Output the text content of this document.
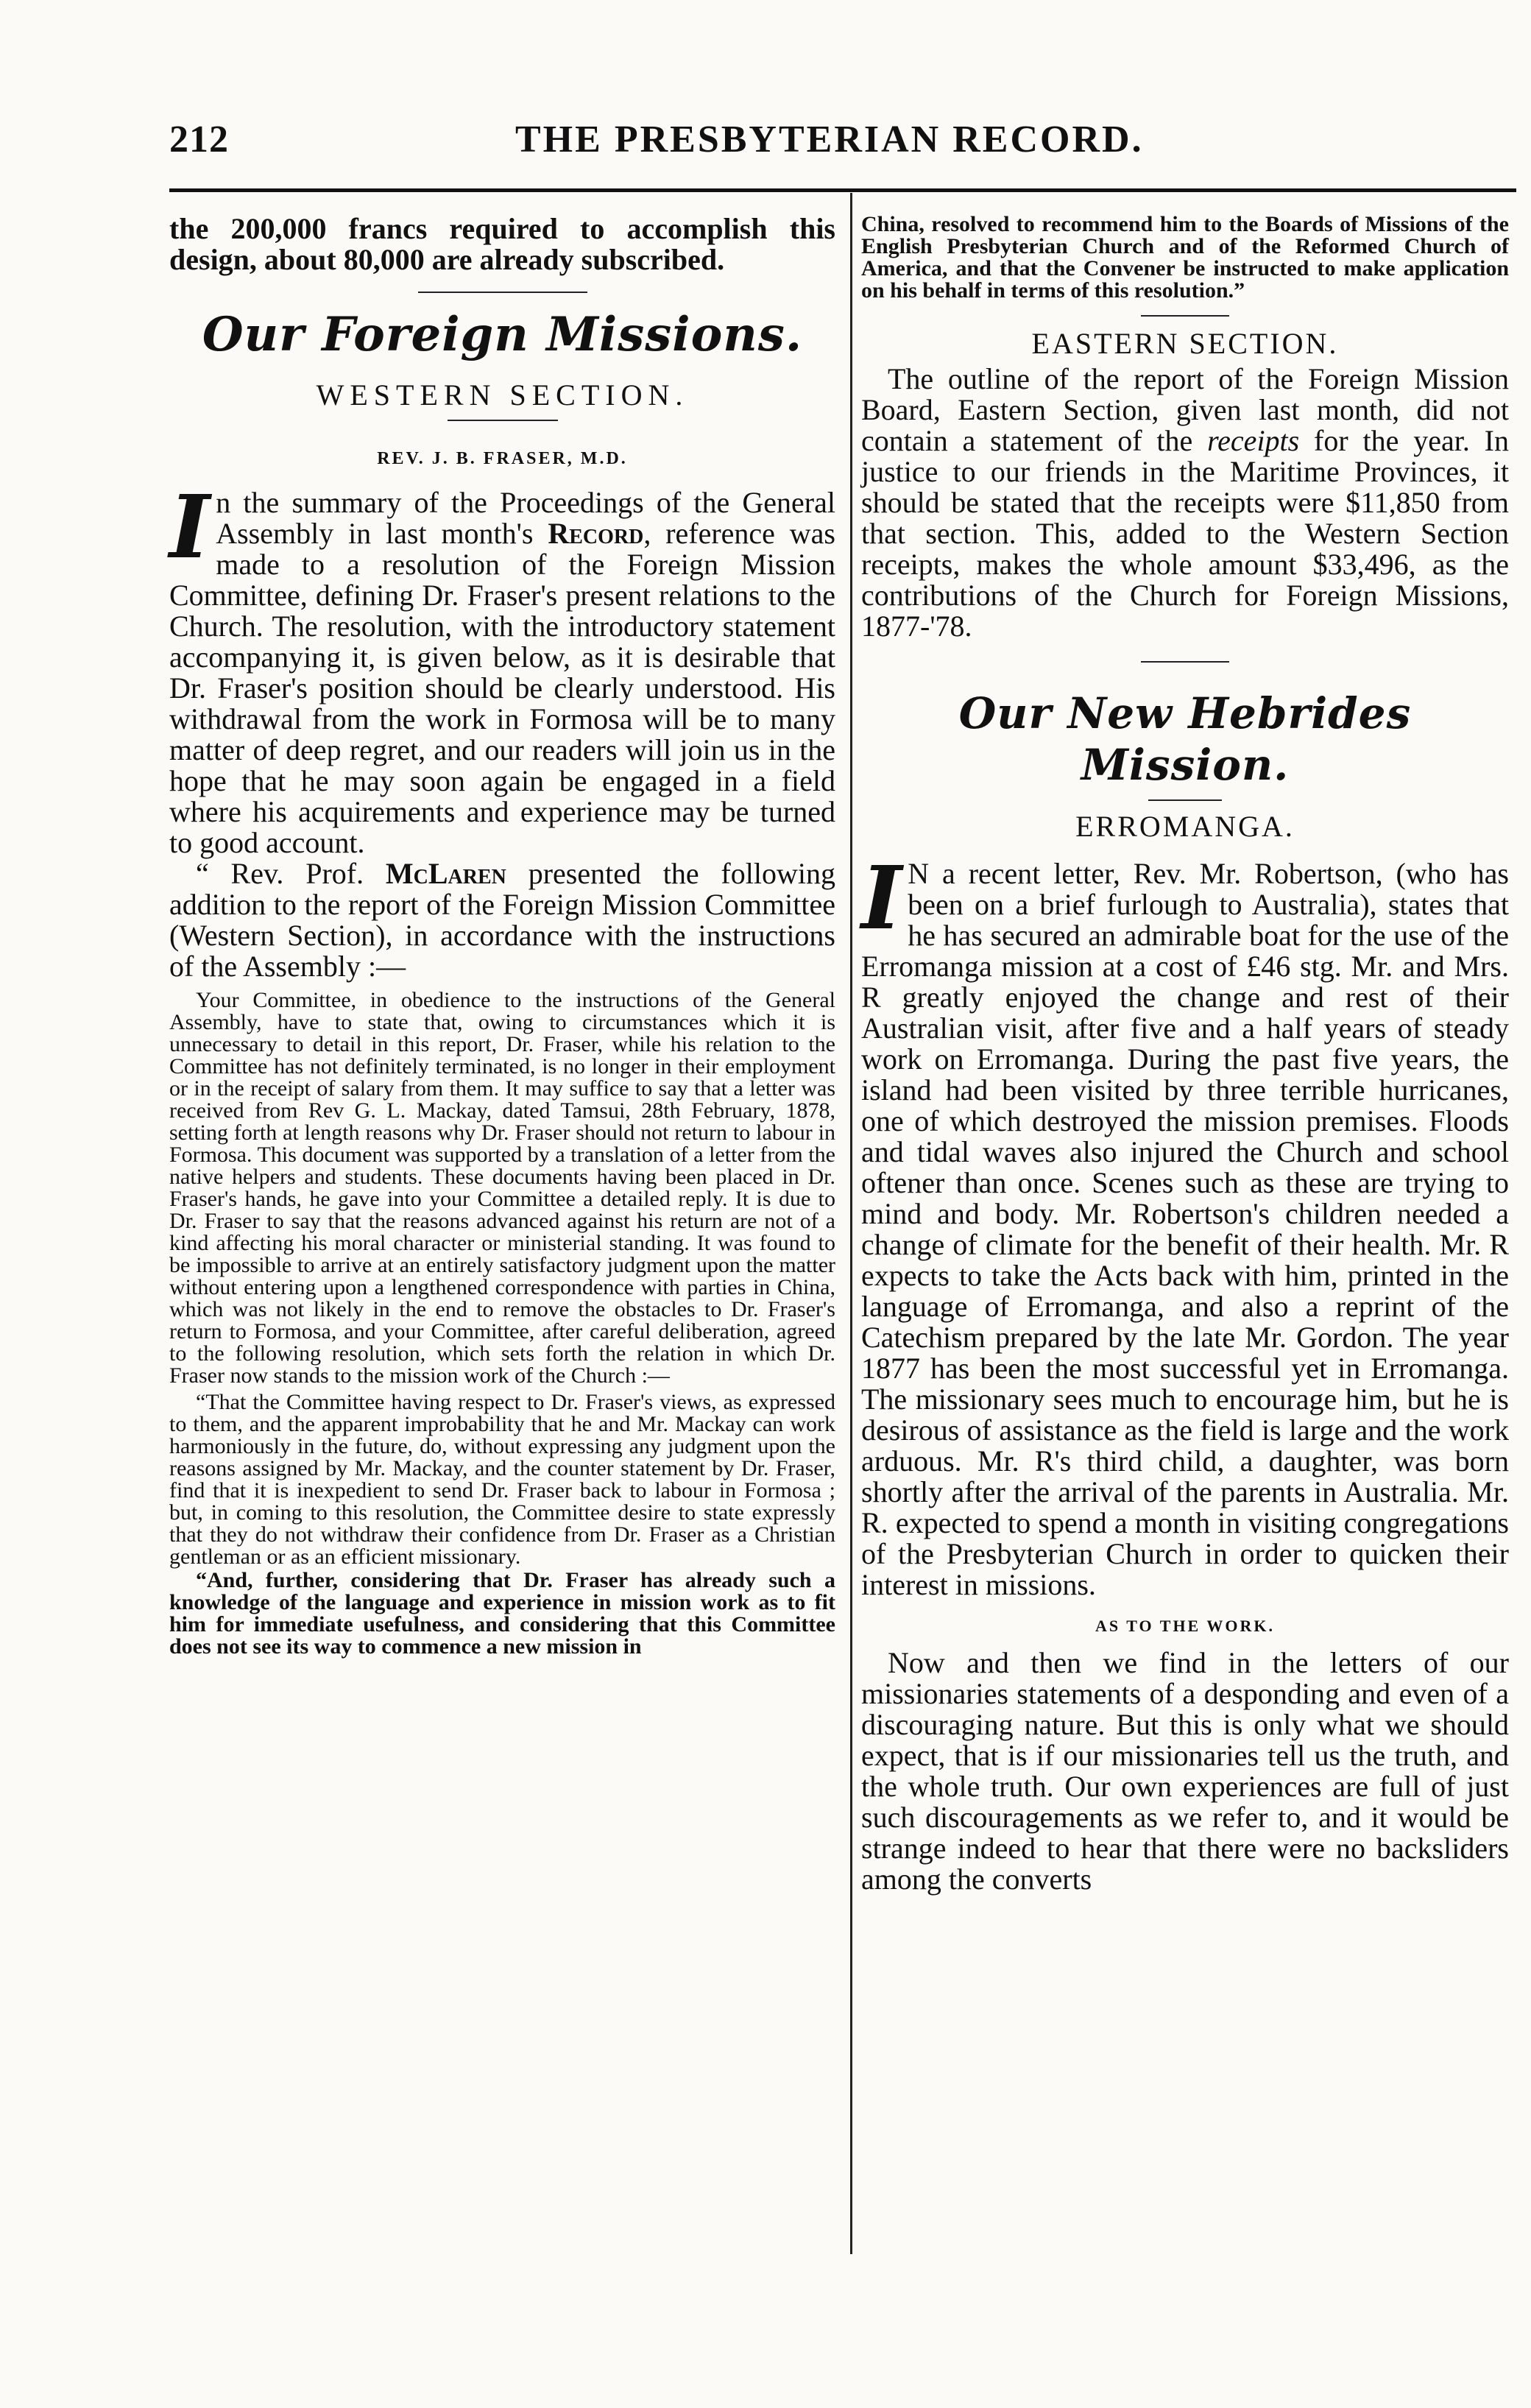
212	THE PRESBYTERIAN RECORD.

the 200,000 francs required to accomplish this design, about 80,000 are already subscribed.

Our Foreign Missions.
WESTERN SECTION.
REV. J. B. FRASER, M.D.

In the summary of the Proceedings of the General Assembly in last month's Record, reference was made to a resolution of the Foreign Mission Committee, defining Dr. Fraser's present relations to the Church. The resolution, with the introductory statement accompanying it, is given below, as it is desirable that Dr. Fraser's position should be clearly understood. His withdrawal from the work in Formosa will be to many matter of deep regret, and our readers will join us in the hope that he may soon again be engaged in a field where his acquirements and experience may be turned to good account.

“ Rev. Prof. McLaren presented the following addition to the report of the Foreign Mission Committee (Western Section), in accordance with the instructions of the Assembly :—

Your Committee, in obedience to the instructions of the General Assembly, have to state that, owing to circumstances which it is unnecessary to detail in this report, Dr. Fraser, while his relation to the Committee has not definitely terminated, is no longer in their employment or in the receipt of salary from them. It may suffice to say that a letter was received from Rev G. L. Mackay, dated Tamsui, 28th February, 1878, setting forth at length reasons why Dr. Fraser should not return to labour in Formosa. This document was supported by a translation of a letter from the native helpers and students. These documents having been placed in Dr. Fraser's hands, he gave into your Committee a detailed reply. It is due to Dr. Fraser to say that the reasons advanced against his return are not of a kind affecting his moral character or ministerial standing. It was found to be impossible to arrive at an entirely satisfactory judgment upon the matter without entering upon a lengthened correspondence with parties in China, which was not likely in the end to remove the obstacles to Dr. Fraser's return to Formosa, and your Committee, after careful deliberation, agreed to the following resolution, which sets forth the relation in which Dr. Fraser now stands to the mission work of the Church :—

“That the Committee having respect to Dr. Fraser's views, as expressed to them, and the apparent improbability that he and Mr. Mackay can work harmoniously in the future, do, without expressing any judgment upon the reasons assigned by Mr. Mackay, and the counter statement by Dr. Fraser, find that it is inexpedient to send Dr. Fraser back to labour in Formosa ; but, in coming to this resolution, the Committee desire to state expressly that they do not withdraw their confidence from Dr. Fraser as a Christian gentleman or as an efficient missionary.

“And, further, considering that Dr. Fraser has already such a knowledge of the language and experience in mission work as to fit him for immediate usefulness, and considering that this Committee does not see its way to commence a new mission in

China, resolved to recommend him to the Boards of Missions of the English Presbyterian Church and of the Reformed Church of America, and that the Convener be instructed to make application on his behalf in terms of this resolution.”

EASTERN SECTION.

The outline of the report of the Foreign Mission Board, Eastern Section, given last month, did not contain a statement of the receipts for the year. In justice to our friends in the Maritime Provinces, it should be stated that the receipts were $11,850 from that section. This, added to the Western Section receipts, makes the whole amount $33,496, as the contributions of the Church for Foreign Missions, 1877-'78.

Our New Hebrides Mission.
ERROMANGA.

I N a recent letter, Rev. Mr. Robertson, (who has been on a brief furlough to Australia), states that he has secured an admirable boat for the use of the Erromanga mission at a cost of £46 stg. Mr. and Mrs. R greatly enjoyed the change and rest of their Australian visit, after five and a half years of steady work on Erromanga. During the past five years, the island had been visited by three terrible hurricanes, one of which destroyed the mission premises. Floods and tidal waves also injured the Church and school oftener than once. Scenes such as these are trying to mind and body. Mr. Robertson's children needed a change of climate for the benefit of their health. Mr. R expects to take the Acts back with him, printed in the language of Erromanga, and also a reprint of the Catechism prepared by the late Mr. Gordon. The year 1877 has been the most successful yet in Erromanga. The missionary sees much to encourage him, but he is desirous of assistance as the field is large and the work arduous. Mr. R's third child, a daughter, was born shortly after the arrival of the parents in Australia. Mr. R. expected to spend a month in visiting congregations of the Presbyterian Church in order to quicken their interest in missions.

AS TO THE WORK.

Now and then we find in the letters of our missionaries statements of a desponding and even of a discouraging nature. But this is only what we should expect, that is if our missionaries tell us the truth, and the whole truth. Our own experiences are full of just such discouragements as we refer to, and it would be strange indeed to hear that there were no backsliders among the converts
